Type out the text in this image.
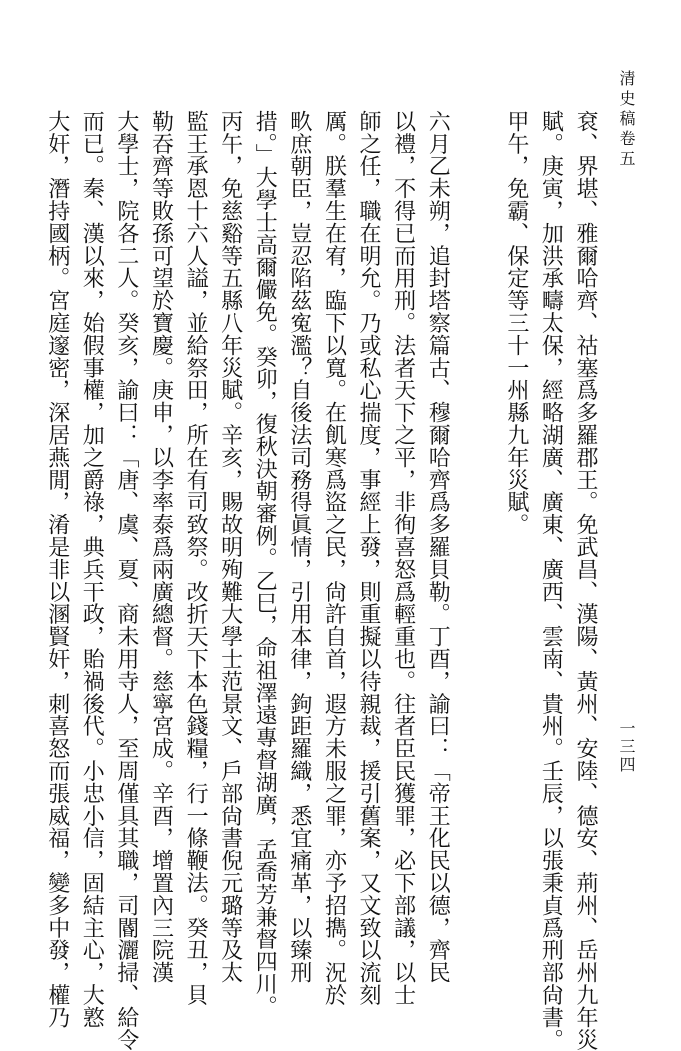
清史稿卷五
袞、界堪、雅爾哈齊、祜塞爲多羅郡王。免武昌、漢陽、黃州、安陸、德安、荊州、岳州九年災
賦。庚寅，加洪承疇太保，經略湖廣、廣東、廣西、雲南、貴州。壬辰，以張秉貞爲刑部尙書。
甲午，免霸、保定等三十一州縣九年災賦。
六月乙未朔，追封塔察篇古、穆爾哈齊爲多羅貝勒。丁酉，諭曰：「帝王化民以德，齊民
以禮，不得已而用刑。法者天下之平，非徇喜怒爲輕重也。往者臣民獲罪，必下部議，以士
師之任，職在明允。乃或私心揣度，事經上發，則重擬以待親裁，援引舊案，又文致以流刻
厲。朕羣生在宥，臨下以寬。在飢寒爲盜之民，尙許自首，遐方未服之罪，亦予招擕。況於
畂庶朝臣，豈忍陷茲寃濫？自後法司務得眞情，引用本律，鉤距羅織，悉宜痛革，以臻刑
措。」大學士高爾儼免。癸卯，復秋決朝審例。乙巳，命祖澤遠專督湖廣，孟喬芳兼督四川。
丙午，免慈谿等五縣八年災賦。辛亥，賜故明殉難大學士范景文、戶部尙書倪元璐等及太
監王承恩十六人謚，並給祭田，所在有司致祭。改折天下本色錢糧，行一條鞭法。癸丑，貝
勒吞齊等敗孫可望於寶慶。庚申，以李率泰爲兩廣總督。慈寧宮成。辛酉，增置內三院漢
大學士，院各二人。癸亥，諭曰：「唐、虞、夏、商未用寺人，至周僅具其職，司閽灑掃、給令
而已。秦、漢以來，始假事權，加之爵祿，典兵干政，貽禍後代。小忠小信，固結主心，大憝
大奸，潛持國柄。宮庭邃密，深居燕閒，淆是非以溷賢奸，刺喜怒而張威福，變多中發，權乃	一三四
